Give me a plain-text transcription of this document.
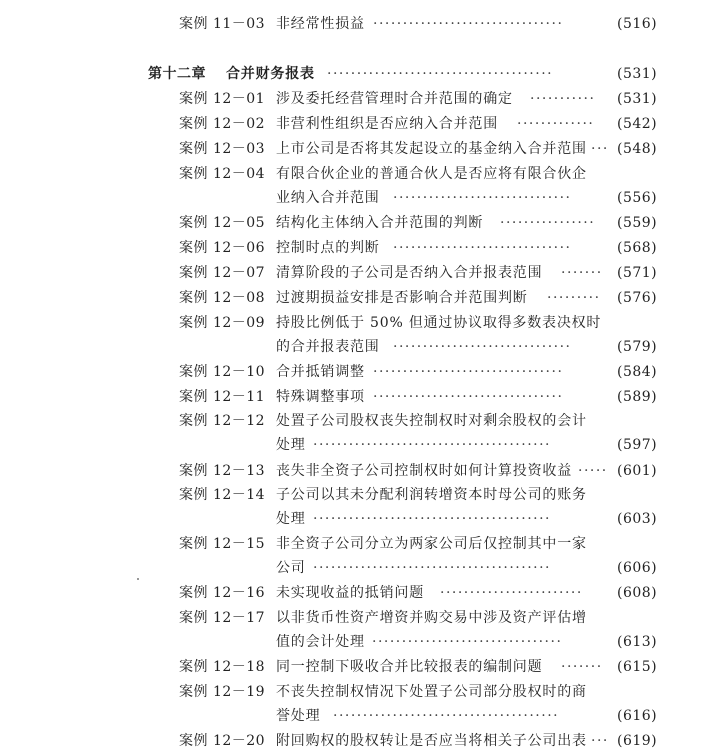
案例 11－03 非经常性损益 ································	(516)
第十二章 合并财务报表 ······································	(531)
案例 12－01 涉及委托经营管理时合并范围的确定 ···········	(531)
案例 12－02 非营利性组织是否应纳入合并范围 ·············	(542)
案例 12－03 上市公司是否将其发起设立的基金纳入合并范围 ··· (548)
案例 12－04 有限合伙企业的普通合伙人是否应将有限合伙企
业纳入合并范围 ······························	(556)
案例 12－05 结构化主体纳入合并范围的判断 ················	(559)
案例 12－06 控制时点的判断 ······························	(568)
案例 12－07 清算阶段的子公司是否纳入合并报表范围 ·······	(571)
案例 12－08 过渡期损益安排是否影响合并范围判断 ·········	(576)
案例 12－09 持股比例低于 50% 但通过协议取得多数表决权时
的合并报表范围 ······························	(579)
案例 12－10 合并抵销调整 ································	(584)
案例 12－11 特殊调整事项 ································	(589)
案例 12－12 处置子公司股权丧失控制权时对剩余股权的会计
处理 ········································	(597)
案例 12－13 丧失非全资子公司控制权时如何计算投资收益 ····· (601)
案例 12－14 子公司以其未分配利润转增资本时母公司的账务
处理 ········································	(603)
案例 12－15 非全资子公司分立为两家公司后仅控制其中一家
公司 ········································	(606)
案例 12－16 未实现收益的抵销问题 ························	(608)
案例 12－17 以非货币性资产增资并购交易中涉及资产评估增
值的会计处理 ································	(613)
案例 12－18 同一控制下吸收合并比较报表的编制问题 ·······	(615)
案例 12－19 不丧失控制权情况下处置子公司部分股权时的商
誉处理 ······································	(616)
案例 12－20 附回购权的股权转让是否应当将相关子公司出表 ··· (619)
